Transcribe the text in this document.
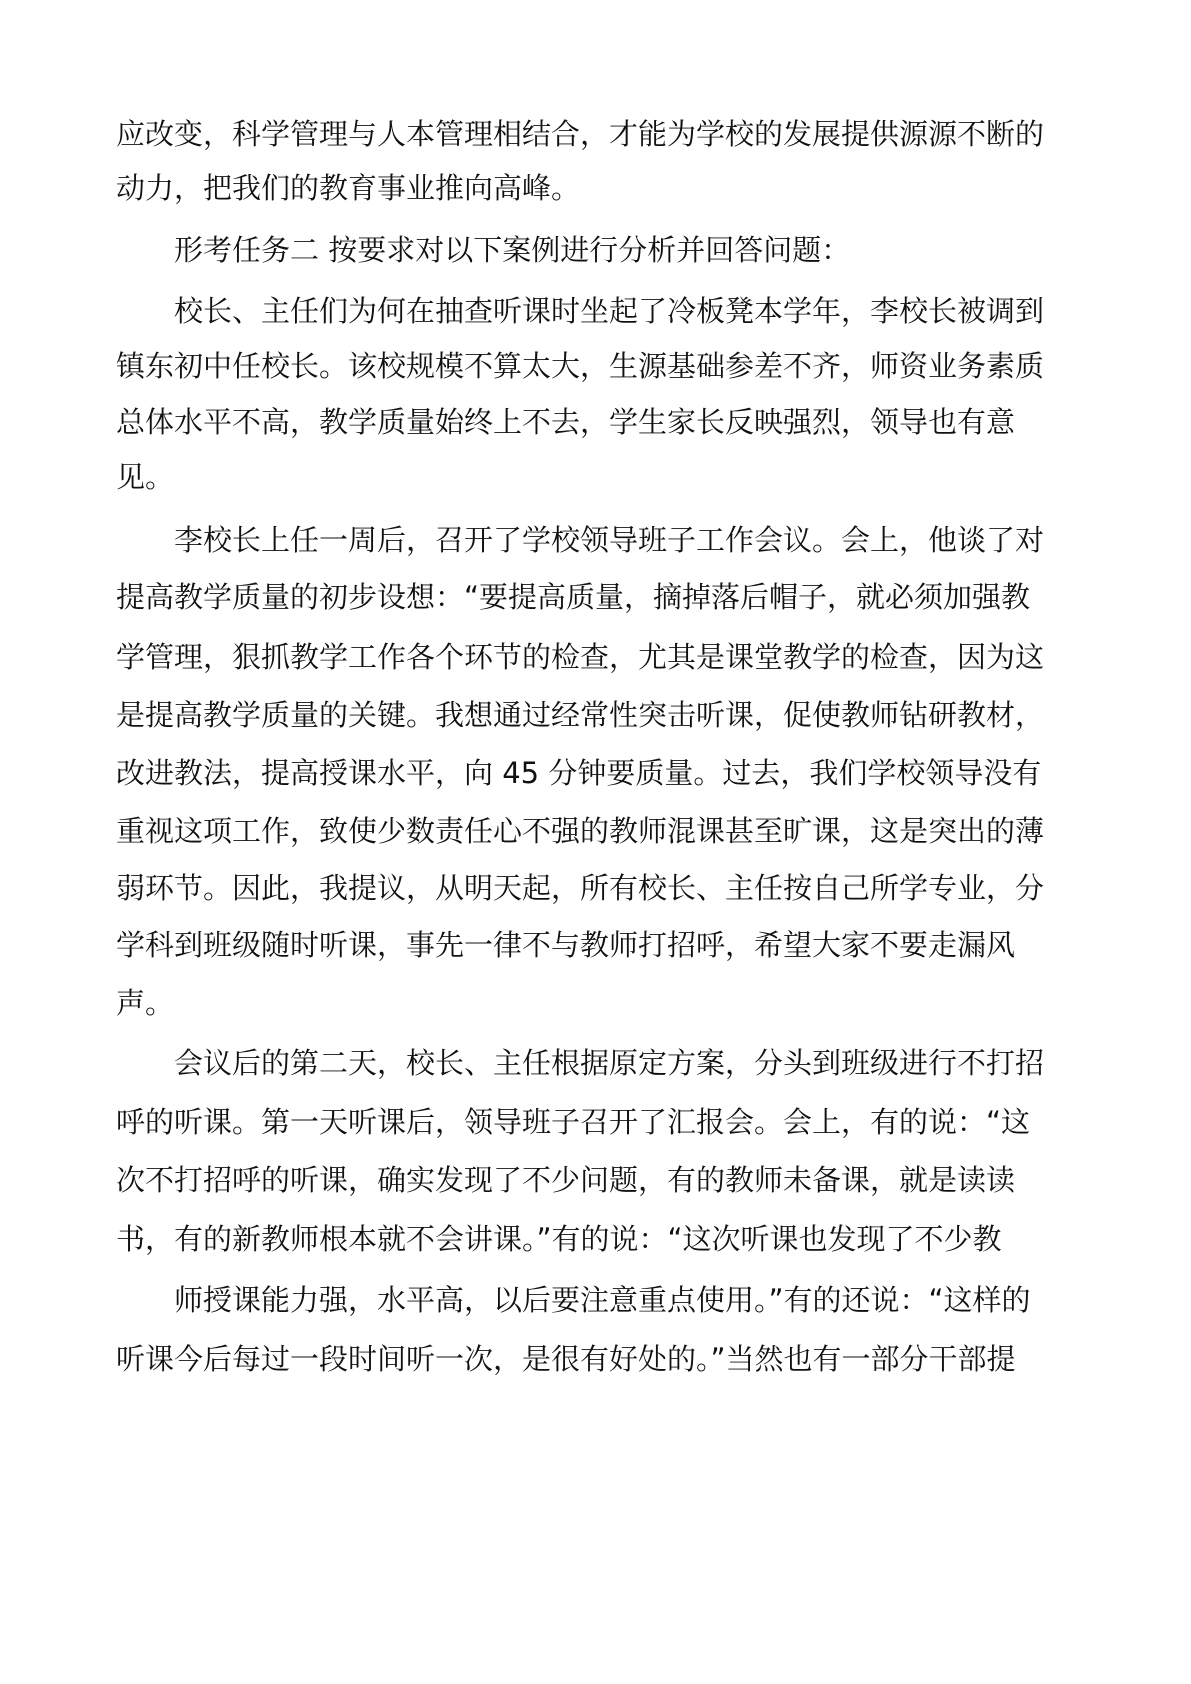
应改变，科学管理与人本管理相结合，才能为学校的发展提供源源不断的
动力，把我们的教育事业推向高峰。
形考任务二 按要求对以下案例进行分析并回答问题：
校长、主任们为何在抽查听课时坐起了冷板凳本学年，李校长被调到
镇东初中任校长。该校规模不算太大，生源基础参差不齐，师资业务素质
总体水平不高，教学质量始终上不去，学生家长反映强烈，领导也有意
见。
李校长上任一周后，召开了学校领导班子工作会议。会上，他谈了对
提高教学质量的初步设想：“要提高质量，摘掉落后帽子，就必须加强教
学管理，狠抓教学工作各个环节的检查，尤其是课堂教学的检查，因为这
是提高教学质量的关键。我想通过经常性突击听课，促使教师钻研教材，
改进教法，提高授课水平，向 45 分钟要质量。过去，我们学校领导没有
重视这项工作，致使少数责任心不强的教师混课甚至旷课，这是突出的薄
弱环节。因此，我提议，从明天起，所有校长、主任按自己所学专业，分
学科到班级随时听课，事先一律不与教师打招呼，希望大家不要走漏风
声。
会议后的第二天，校长、主任根据原定方案，分头到班级进行不打招
呼的听课。第一天听课后，领导班子召开了汇报会。会上，有的说：“这
次不打招呼的听课，确实发现了不少问题，有的教师未备课，就是读读
书，有的新教师根本就不会讲课。”有的说：“这次听课也发现了不少教
师授课能力强，水平高，以后要注意重点使用。”有的还说：“这样的
听课今后每过一段时间听一次，是很有好处的。”当然也有一部分干部提
